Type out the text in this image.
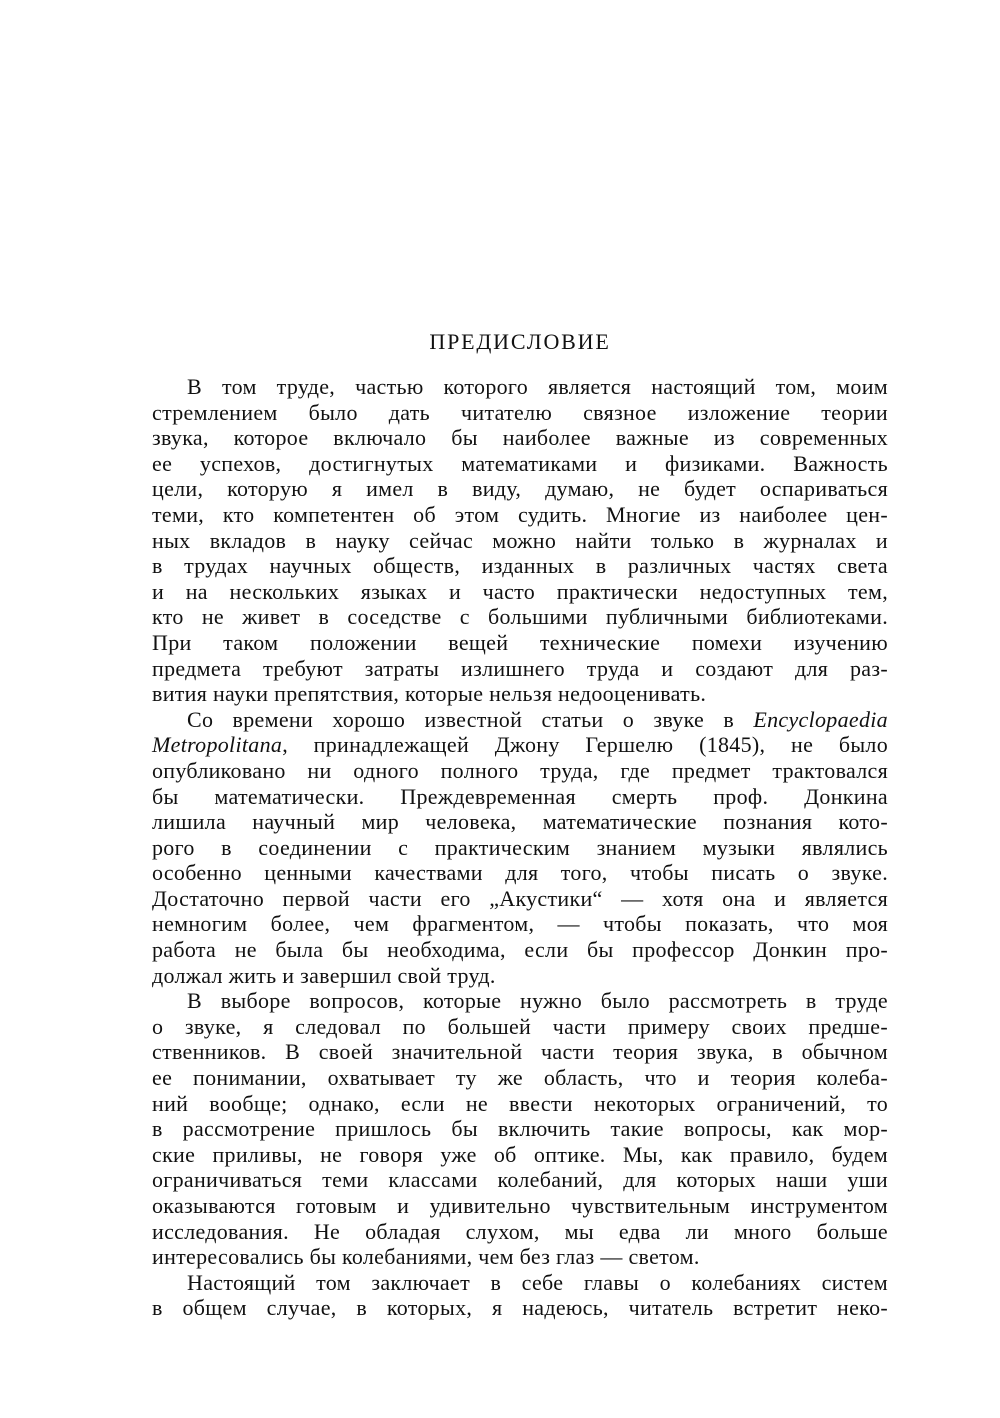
ПРЕДИСЛОВИЕ
В том труде, частью которого является настоящий том, моим
стремлением было дать читателю связное изложение теории
звука, которое включало бы наиболее важные из современных
ее успехов, достигнутых математиками и физиками. Важность
цели, которую я имел в виду, думаю, не будет оспариваться
теми, кто компетентен об этом судить. Многие из наиболее цен-
ных вкладов в науку сейчас можно найти только в журналах и
в трудах научных обществ, изданных в различных частях света
и на нескольких языках и часто практически недоступных тем,
кто не живет в соседстве с большими публичными библиотеками.
При таком положении вещей технические помехи изучению
предмета требуют затраты излишнего труда и создают для раз-
вития науки препятствия, которые нельзя недооценивать.
Со времени хорошо известной статьи о звуке в Encyclopaedia
Metropolitana, принадлежащей Джону Гершелю (1845), не было
опубликовано ни одного полного труда, где предмет трактовался
бы математически. Преждевременная смерть проф. Донкина
лишила научный мир человека, математические познания кото-
рого в соединении с практическим знанием музыки являлись
особенно ценными качествами для того, чтобы писать о звуке.
Достаточно первой части его „Акустики“ — хотя она и является
немногим более, чем фрагментом, — чтобы показать, что моя
работа не была бы необходима, если бы профессор Донкин про-
должал жить и завершил свой труд.
В выборе вопросов, которые нужно было рассмотреть в труде
о звуке, я следовал по большей части примеру своих предше-
ственников. В своей значительной части теория звука, в обычном
ее понимании, охватывает ту же область, что и теория колеба-
ний вообще; однако, если не ввести некоторых ограничений, то
в рассмотрение пришлось бы включить такие вопросы, как мор-
ские приливы, не говоря уже об оптике. Мы, как правило, будем
ограничиваться теми классами колебаний, для которых наши уши
оказываются готовым и удивительно чувствительным инструментом
исследования. Не обладая слухом, мы едва ли много больше
интересовались бы колебаниями, чем без глаз — светом.
Настоящий том заключает в себе главы о колебаниях систем
в общем случае, в которых, я надеюсь, читатель встретит неко-
